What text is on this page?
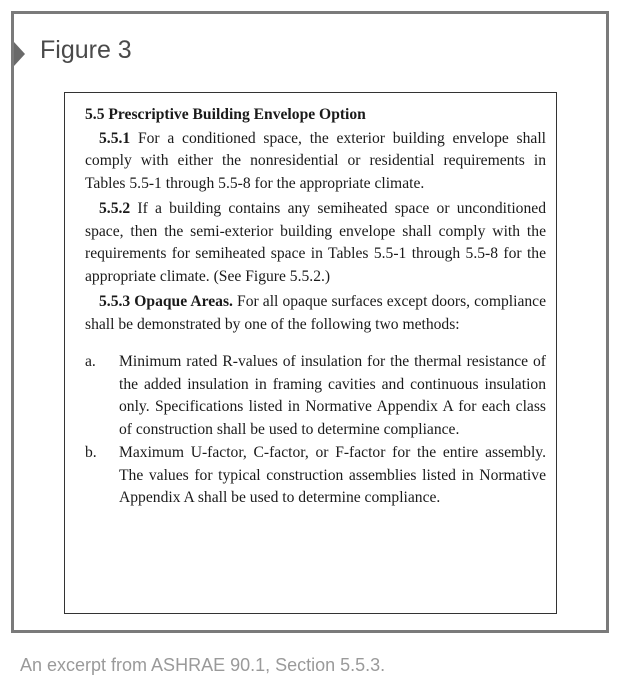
Figure 3

5.5 Prescriptive Building Envelope Option

5.5.1 For a conditioned space, the exterior building envelope shall comply with either the nonresidential or residential requirements in Tables 5.5-1 through 5.5-8 for the appropriate climate.

5.5.2 If a building contains any semiheated space or unconditioned space, then the semi-exterior building envelope shall comply with the requirements for semiheated space in Tables 5.5-1 through 5.5-8 for the appropriate climate. (See Figure 5.5.2.)

5.5.3 Opaque Areas. For all opaque surfaces except doors, compliance shall be demonstrated by one of the following two methods:

a.	Minimum rated R-values of insulation for the thermal resistance of the added insulation in framing cavities and continuous insulation only. Specifications listed in Normative Appendix A for each class of construction shall be used to determine compliance.
b.	Maximum U-factor, C-factor, or F-factor for the entire assembly. The values for typical construction assemblies listed in Normative Appendix A shall be used to determine compliance.
An excerpt from ASHRAE 90.1, Section 5.5.3.
